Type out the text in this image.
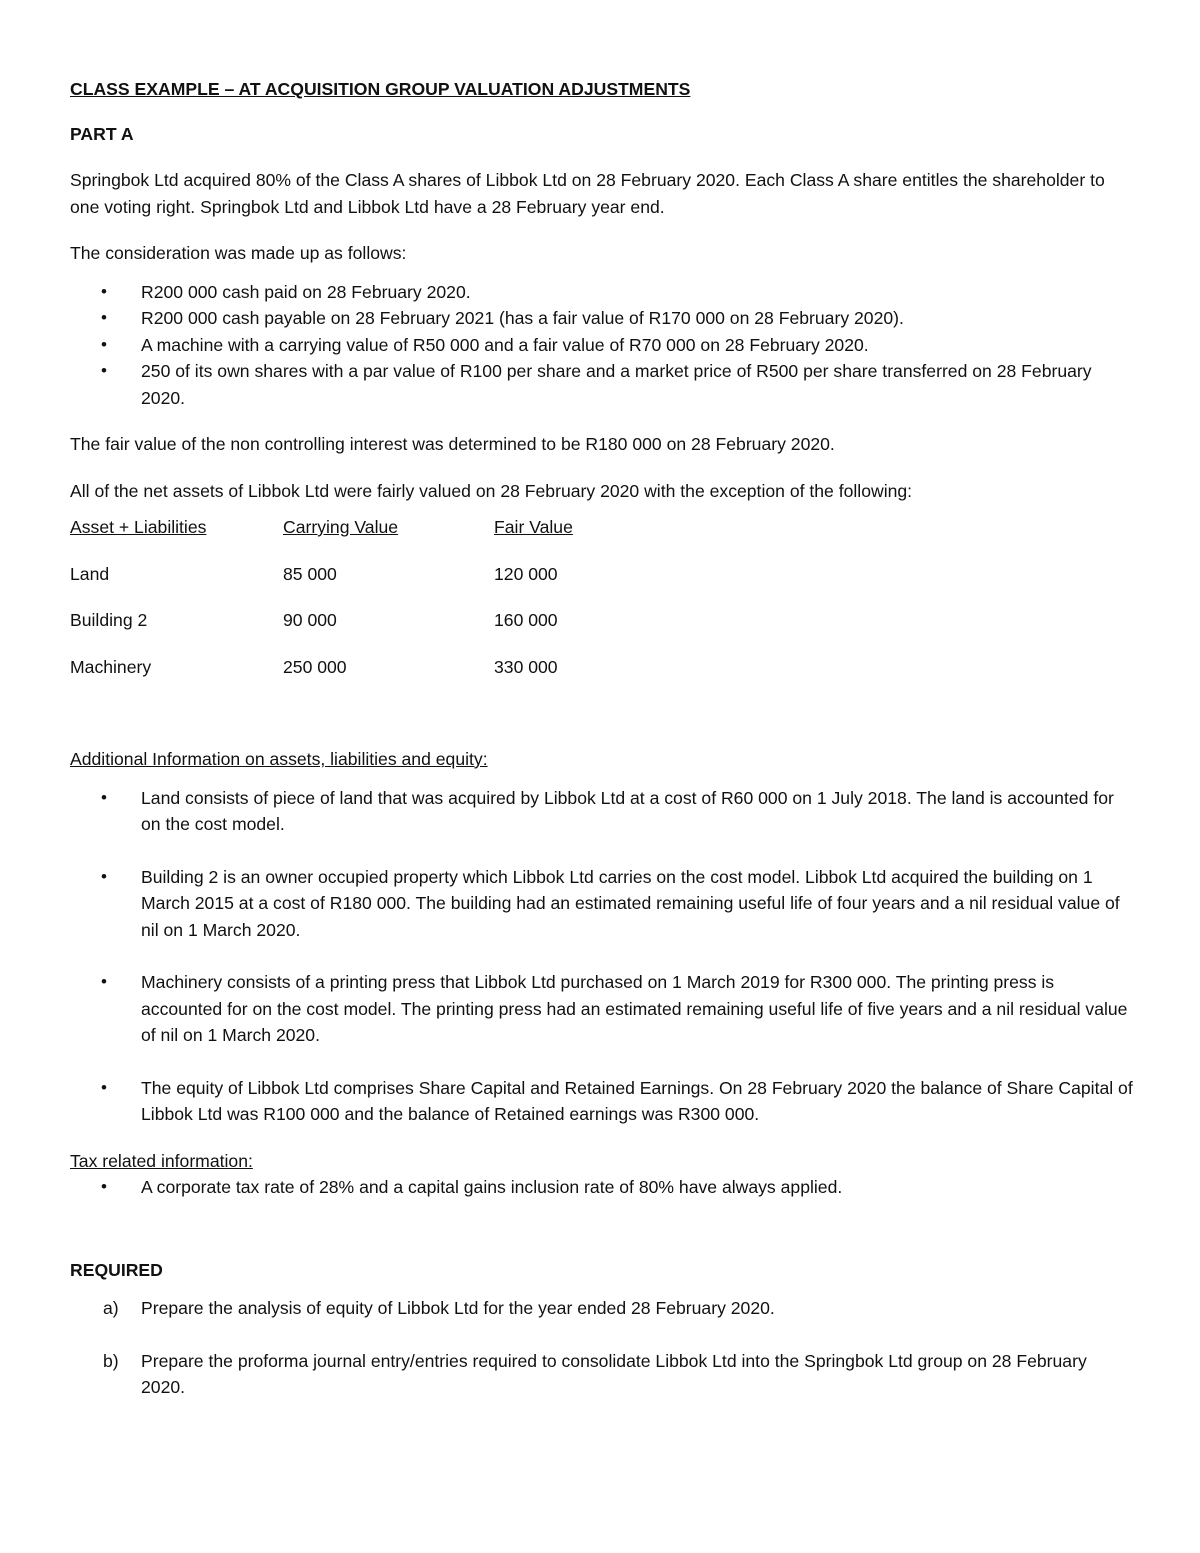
CLASS EXAMPLE – AT ACQUISITION GROUP VALUATION ADJUSTMENTS

PART A

Springbok Ltd acquired 80% of the Class A shares of Libbok Ltd on 28 February 2020. Each Class A share entitles the shareholder to one voting right. Springbok Ltd and Libbok Ltd have a 28 February year end.

The consideration was made up as follows:

• R200 000 cash paid on 28 February 2020.
• R200 000 cash payable on 28 February 2021 (has a fair value of R170 000 on 28 February 2020).
• A machine with a carrying value of R50 000 and a fair value of R70 000 on 28 February 2020.
• 250 of its own shares with a par value of R100 per share and a market price of R500 per share transferred on 28 February 2020.

The fair value of the non controlling interest was determined to be R180 000 on 28 February 2020.

All of the net assets of Libbok Ltd were fairly valued on 28 February 2020 with the exception of the following:

Asset + Liabilities	Carrying Value	Fair Value
Land	85 000	120 000
Building 2	90 000	160 000
Machinery	250 000	330 000

Additional Information on assets, liabilities and equity:

• Land consists of piece of land that was acquired by Libbok Ltd at a cost of R60 000 on 1 July 2018. The land is accounted for on the cost model.
• Building 2 is an owner occupied property which Libbok Ltd carries on the cost model. Libbok Ltd acquired the building on 1 March 2015 at a cost of R180 000. The building had an estimated remaining useful life of four years and a nil residual value of nil on 1 March 2020.
• Machinery consists of a printing press that Libbok Ltd purchased on 1 March 2019 for R300 000. The printing press is accounted for on the cost model. The printing press had an estimated remaining useful life of five years and a nil residual value of nil on 1 March 2020.
• The equity of Libbok Ltd comprises Share Capital and Retained Earnings. On 28 February 2020 the balance of Share Capital of Libbok Ltd was R100 000 and the balance of Retained earnings was R300 000.

Tax related information:

• A corporate tax rate of 28% and a capital gains inclusion rate of 80% have always applied.

REQUIRED

a) Prepare the analysis of equity of Libbok Ltd for the year ended 28 February 2020.
b) Prepare the proforma journal entry/entries required to consolidate Libbok Ltd into the Springbok Ltd group on 28 February 2020.
